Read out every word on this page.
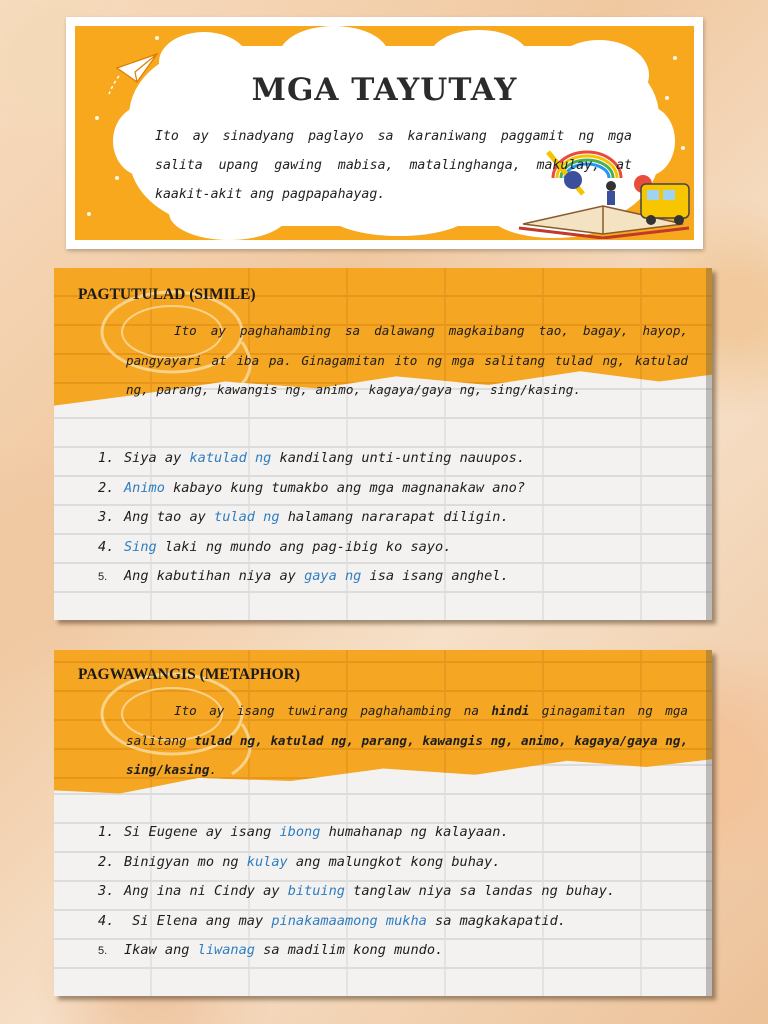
MGA TAYUTAY

Ito ay sinadyang paglayo sa karaniwang paggamit ng mga salita upang gawing mabisa, matalinghanga, makulay, at kaakit-akit ang pagpapahayag.

PAGTUTULAD (SIMILE)

Ito ay paghahambing sa dalawang magkaibang tao, bagay, hayop, pangyayari at iba pa. Ginagamitan ito ng mga salitang tulad ng, katulad ng, parang, kawangis ng, animo, kagaya/gaya ng, sing/kasing.

1. Siya ay katulad ng kandilang unti-unting nauupos.
2. Animo kabayo kung tumakbo ang mga magnanakaw ano?
3. Ang tao ay tulad ng halamang nararapat diligin.
4. Sing laki ng mundo ang pag-ibig ko sayo.
5. Ang kabutihan niya ay gaya ng isa isang anghel.
PAGWAWANGIS (METAPHOR)

Ito ay isang tuwirang paghahambing na hindi ginagamitan ng mga salitang tulad ng, katulad ng, parang, kawangis ng, animo, kagaya/gaya ng, sing/kasing.

1. Si Eugene ay isang ibong humahanap ng kalayaan.
2. Binigyan mo ng kulay ang malungkot kong buhay.
3. Ang ina ni Cindy ay bituing tanglaw niya sa landas ng buhay.
4. Si Elena ang may pinakamaamong mukha sa magkakapatid.
5. Ikaw ang liwanag sa madilim kong mundo.
